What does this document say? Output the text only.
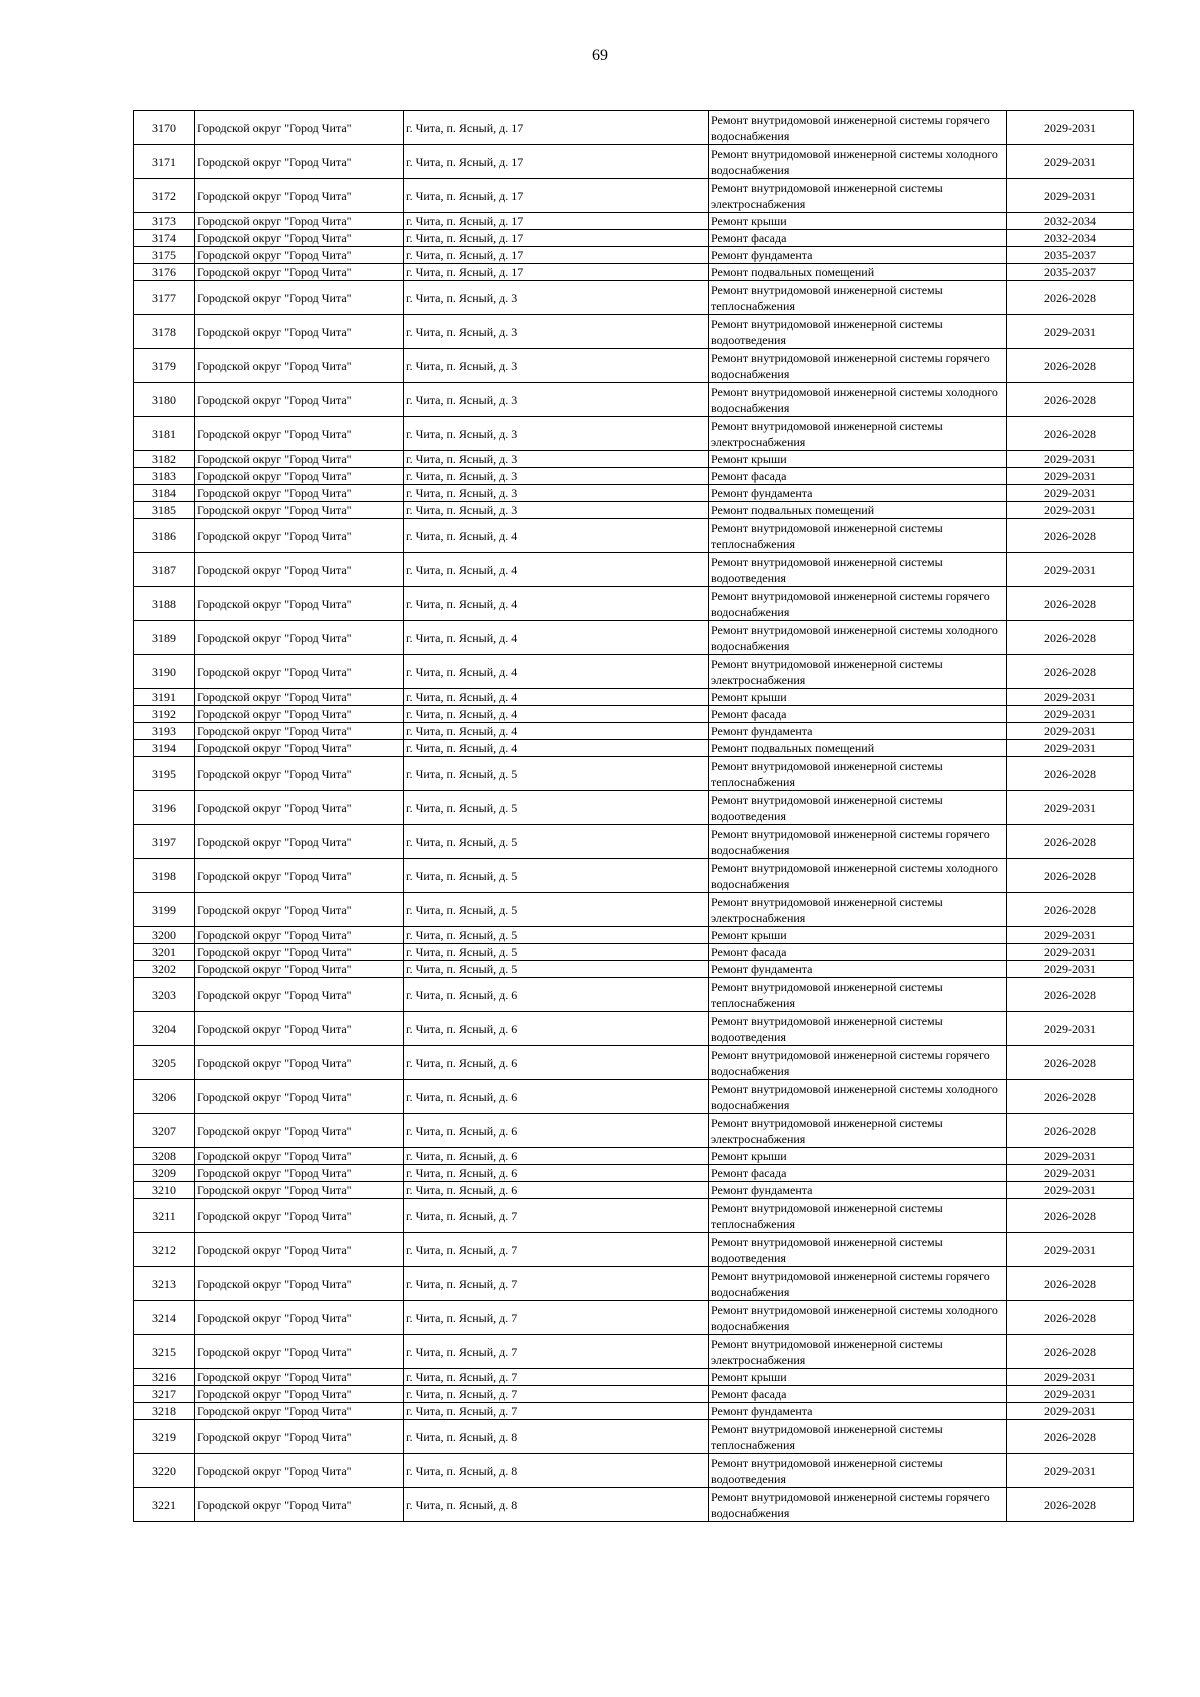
69
3170	Городской округ "Город Чита"	г. Чита, п. Ясный, д. 17	Ремонт внутридомовой инженерной системы горячего водоснабжения	2029-2031
3171	Городской округ "Город Чита"	г. Чита, п. Ясный, д. 17	Ремонт внутридомовой инженерной системы холодного водоснабжения	2029-2031
3172	Городской округ "Город Чита"	г. Чита, п. Ясный, д. 17	Ремонт внутридомовой инженерной системы электроснабжения	2029-2031
3173	Городской округ "Город Чита"	г. Чита, п. Ясный, д. 17	Ремонт крыши	2032-2034
3174	Городской округ "Город Чита"	г. Чита, п. Ясный, д. 17	Ремонт фасада	2032-2034
3175	Городской округ "Город Чита"	г. Чита, п. Ясный, д. 17	Ремонт фундамента	2035-2037
3176	Городской округ "Город Чита"	г. Чита, п. Ясный, д. 17	Ремонт подвальных помещений	2035-2037
3177	Городской округ "Город Чита"	г. Чита, п. Ясный, д. 3	Ремонт внутридомовой инженерной системы теплоснабжения	2026-2028
3178	Городской округ "Город Чита"	г. Чита, п. Ясный, д. 3	Ремонт внутридомовой инженерной системы водоотведения	2029-2031
3179	Городской округ "Город Чита"	г. Чита, п. Ясный, д. 3	Ремонт внутридомовой инженерной системы горячего водоснабжения	2026-2028
3180	Городской округ "Город Чита"	г. Чита, п. Ясный, д. 3	Ремонт внутридомовой инженерной системы холодного водоснабжения	2026-2028
3181	Городской округ "Город Чита"	г. Чита, п. Ясный, д. 3	Ремонт внутридомовой инженерной системы электроснабжения	2026-2028
3182	Городской округ "Город Чита"	г. Чита, п. Ясный, д. 3	Ремонт крыши	2029-2031
3183	Городской округ "Город Чита"	г. Чита, п. Ясный, д. 3	Ремонт фасада	2029-2031
3184	Городской округ "Город Чита"	г. Чита, п. Ясный, д. 3	Ремонт фундамента	2029-2031
3185	Городской округ "Город Чита"	г. Чита, п. Ясный, д. 3	Ремонт подвальных помещений	2029-2031
3186	Городской округ "Город Чита"	г. Чита, п. Ясный, д. 4	Ремонт внутридомовой инженерной системы теплоснабжения	2026-2028
3187	Городской округ "Город Чита"	г. Чита, п. Ясный, д. 4	Ремонт внутридомовой инженерной системы водоотведения	2029-2031
3188	Городской округ "Город Чита"	г. Чита, п. Ясный, д. 4	Ремонт внутридомовой инженерной системы горячего водоснабжения	2026-2028
3189	Городской округ "Город Чита"	г. Чита, п. Ясный, д. 4	Ремонт внутридомовой инженерной системы холодного водоснабжения	2026-2028
3190	Городской округ "Город Чита"	г. Чита, п. Ясный, д. 4	Ремонт внутридомовой инженерной системы электроснабжения	2026-2028
3191	Городской округ "Город Чита"	г. Чита, п. Ясный, д. 4	Ремонт крыши	2029-2031
3192	Городской округ "Город Чита"	г. Чита, п. Ясный, д. 4	Ремонт фасада	2029-2031
3193	Городской округ "Город Чита"	г. Чита, п. Ясный, д. 4	Ремонт фундамента	2029-2031
3194	Городской округ "Город Чита"	г. Чита, п. Ясный, д. 4	Ремонт подвальных помещений	2029-2031
3195	Городской округ "Город Чита"	г. Чита, п. Ясный, д. 5	Ремонт внутридомовой инженерной системы теплоснабжения	2026-2028
3196	Городской округ "Город Чита"	г. Чита, п. Ясный, д. 5	Ремонт внутридомовой инженерной системы водоотведения	2029-2031
3197	Городской округ "Город Чита"	г. Чита, п. Ясный, д. 5	Ремонт внутридомовой инженерной системы горячего водоснабжения	2026-2028
3198	Городской округ "Город Чита"	г. Чита, п. Ясный, д. 5	Ремонт внутридомовой инженерной системы холодного водоснабжения	2026-2028
3199	Городской округ "Город Чита"	г. Чита, п. Ясный, д. 5	Ремонт внутридомовой инженерной системы электроснабжения	2026-2028
3200	Городской округ "Город Чита"	г. Чита, п. Ясный, д. 5	Ремонт крыши	2029-2031
3201	Городской округ "Город Чита"	г. Чита, п. Ясный, д. 5	Ремонт фасада	2029-2031
3202	Городской округ "Город Чита"	г. Чита, п. Ясный, д. 5	Ремонт фундамента	2029-2031
3203	Городской округ "Город Чита"	г. Чита, п. Ясный, д. 6	Ремонт внутридомовой инженерной системы теплоснабжения	2026-2028
3204	Городской округ "Город Чита"	г. Чита, п. Ясный, д. 6	Ремонт внутридомовой инженерной системы водоотведения	2029-2031
3205	Городской округ "Город Чита"	г. Чита, п. Ясный, д. 6	Ремонт внутридомовой инженерной системы горячего водоснабжения	2026-2028
3206	Городской округ "Город Чита"	г. Чита, п. Ясный, д. 6	Ремонт внутридомовой инженерной системы холодного водоснабжения	2026-2028
3207	Городской округ "Город Чита"	г. Чита, п. Ясный, д. 6	Ремонт внутридомовой инженерной системы электроснабжения	2026-2028
3208	Городской округ "Город Чита"	г. Чита, п. Ясный, д. 6	Ремонт крыши	2029-2031
3209	Городской округ "Город Чита"	г. Чита, п. Ясный, д. 6	Ремонт фасада	2029-2031
3210	Городской округ "Город Чита"	г. Чита, п. Ясный, д. 6	Ремонт фундамента	2029-2031
3211	Городской округ "Город Чита"	г. Чита, п. Ясный, д. 7	Ремонт внутридомовой инженерной системы теплоснабжения	2026-2028
3212	Городской округ "Город Чита"	г. Чита, п. Ясный, д. 7	Ремонт внутридомовой инженерной системы водоотведения	2029-2031
3213	Городской округ "Город Чита"	г. Чита, п. Ясный, д. 7	Ремонт внутридомовой инженерной системы горячего водоснабжения	2026-2028
3214	Городской округ "Город Чита"	г. Чита, п. Ясный, д. 7	Ремонт внутридомовой инженерной системы холодного водоснабжения	2026-2028
3215	Городской округ "Город Чита"	г. Чита, п. Ясный, д. 7	Ремонт внутридомовой инженерной системы электроснабжения	2026-2028
3216	Городской округ "Город Чита"	г. Чита, п. Ясный, д. 7	Ремонт крыши	2029-2031
3217	Городской округ "Город Чита"	г. Чита, п. Ясный, д. 7	Ремонт фасада	2029-2031
3218	Городской округ "Город Чита"	г. Чита, п. Ясный, д. 7	Ремонт фундамента	2029-2031
3219	Городской округ "Город Чита"	г. Чита, п. Ясный, д. 8	Ремонт внутридомовой инженерной системы теплоснабжения	2026-2028
3220	Городской округ "Город Чита"	г. Чита, п. Ясный, д. 8	Ремонт внутридомовой инженерной системы водоотведения	2029-2031
3221	Городской округ "Город Чита"	г. Чита, п. Ясный, д. 8	Ремонт внутридомовой инженерной системы горячего водоснабжения	2026-2028
